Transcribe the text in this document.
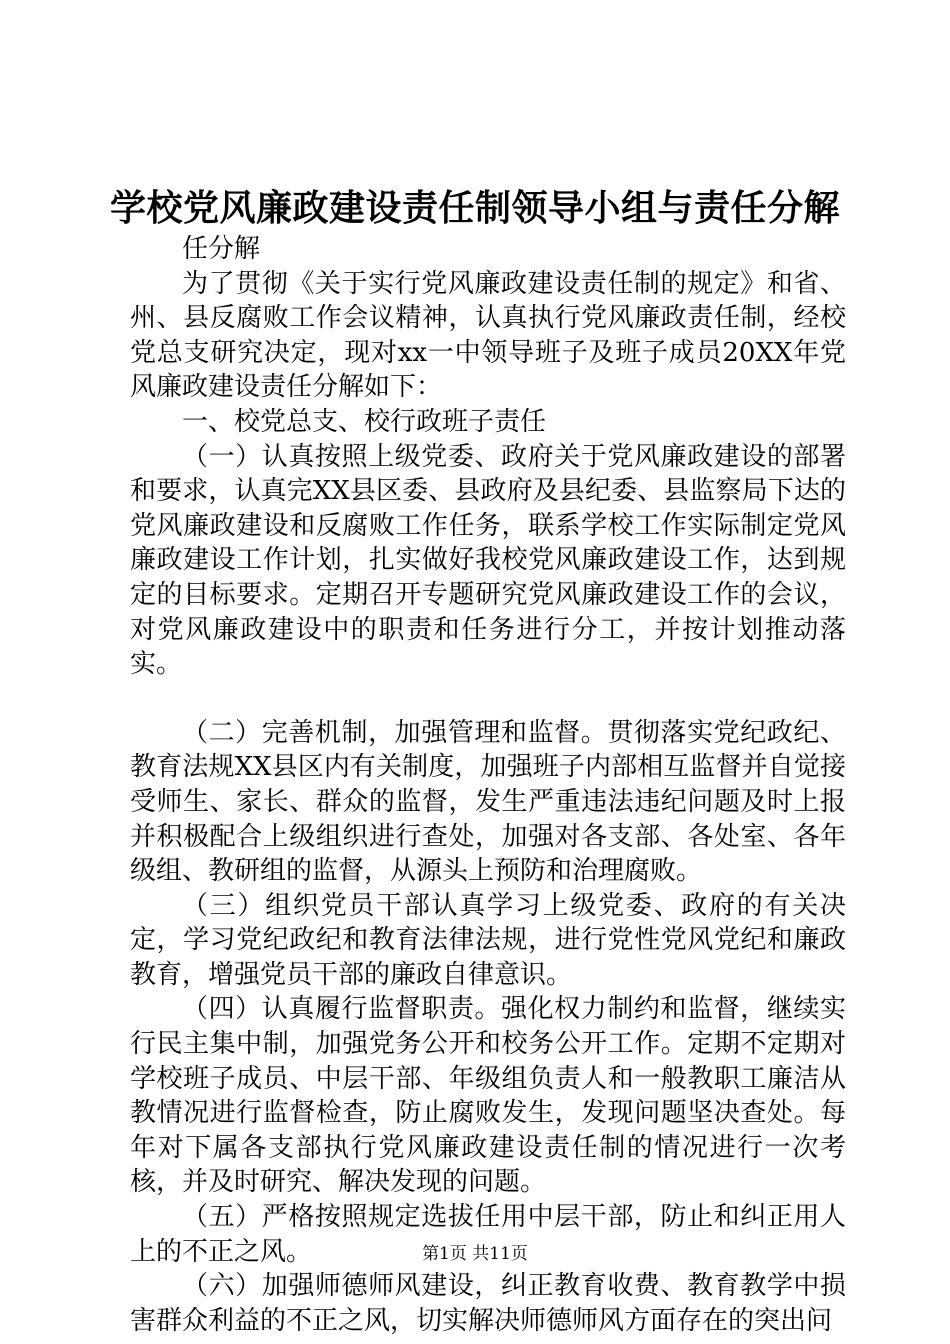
学校党风廉政建设责任制领导小组与责任分解

任分解

为了贯彻《关于实行党风廉政建设责任制的规定》和省、州、县反腐败工作会议精神，认真执行党风廉政责任制，经校党总支研究决定，现对xx一中领导班子及班子成员20XX年党风廉政建设责任分解如下：

一、校党总支、校行政班子责任

（一）认真按照上级党委、政府关于党风廉政建设的部署和要求，认真完XX县区委、县政府及县纪委、县监察局下达的党风廉政建设和反腐败工作任务，联系学校工作实际制定党风廉政建设工作计划，扎实做好我校党风廉政建设工作，达到规定的目标要求。定期召开专题研究党风廉政建设工作的会议，对党风廉政建设中的职责和任务进行分工，并按计划推动落实。

（二）完善机制，加强管理和监督。贯彻落实党纪政纪、教育法规XX县区内有关制度，加强班子内部相互监督并自觉接受师生、家长、群众的监督，发生严重违法违纪问题及时上报并积极配合上级组织进行查处，加强对各支部、各处室、各年级组、教研组的监督，从源头上预防和治理腐败。

（三）组织党员干部认真学习上级党委、政府的有关决定，学习党纪政纪和教育法律法规，进行党性党风党纪和廉政教育，增强党员干部的廉政自律意识。

（四）认真履行监督职责。强化权力制约和监督，继续实行民主集中制，加强党务公开和校务公开工作。定期不定期对学校班子成员、中层干部、年级组负责人和一般教职工廉洁从教情况进行监督检查，防止腐败发生，发现问题坚决查处。每年对下属各支部执行党风廉政建设责任制的情况进行一次考核，并及时研究、解决发现的问题。

（五）严格按照规定选拔任用中层干部，防止和纠正用人上的不正之风。

（六）加强师德师风建设，纠正教育收费、教育教学中损害群众利益的不正之风，切实解决师德师风方面存在的突出问

第1页 共11页
